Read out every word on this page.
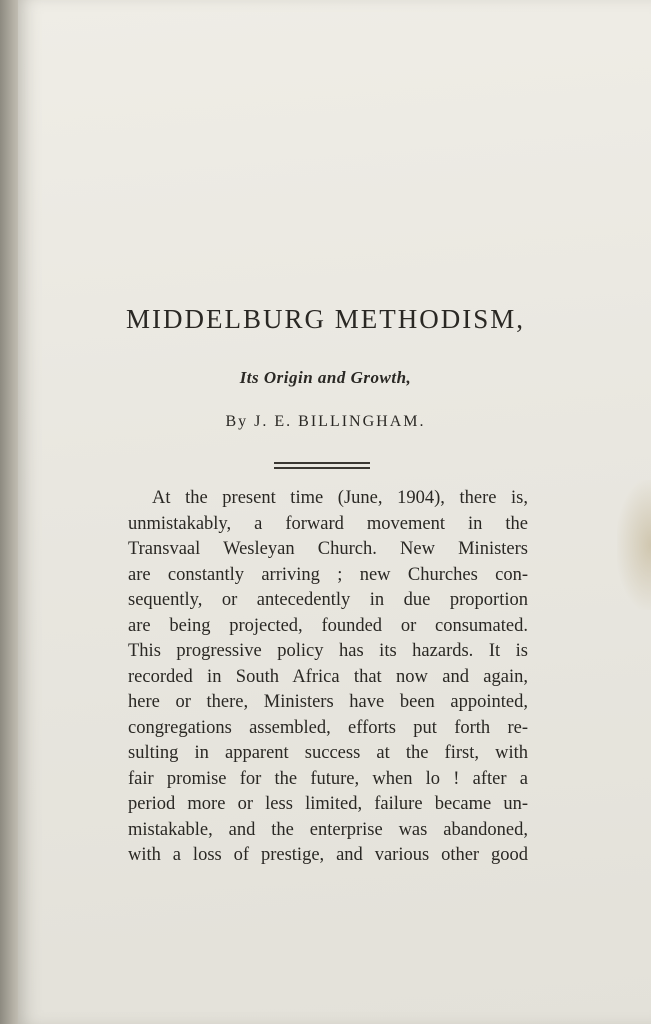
MIDDELBURG METHODISM,
Its Origin and Growth,
By J. E. BILLINGHAM.
At the present time (June, 1904), there is,
unmistakably, a forward movement in the
Transvaal Wesleyan Church. New Ministers
are constantly arriving ; new Churches con-
sequently, or antecedently in due proportion
are being projected, founded or consumated.
This progressive policy has its hazards. It is
recorded in South Africa that now and again,
here or there, Ministers have been appointed,
congregations assembled, efforts put forth re-
sulting in apparent success at the first, with
fair promise for the future, when lo ! after a
period more or less limited, failure became un-
mistakable, and the enterprise was abandoned,
with a loss of prestige, and various other good
